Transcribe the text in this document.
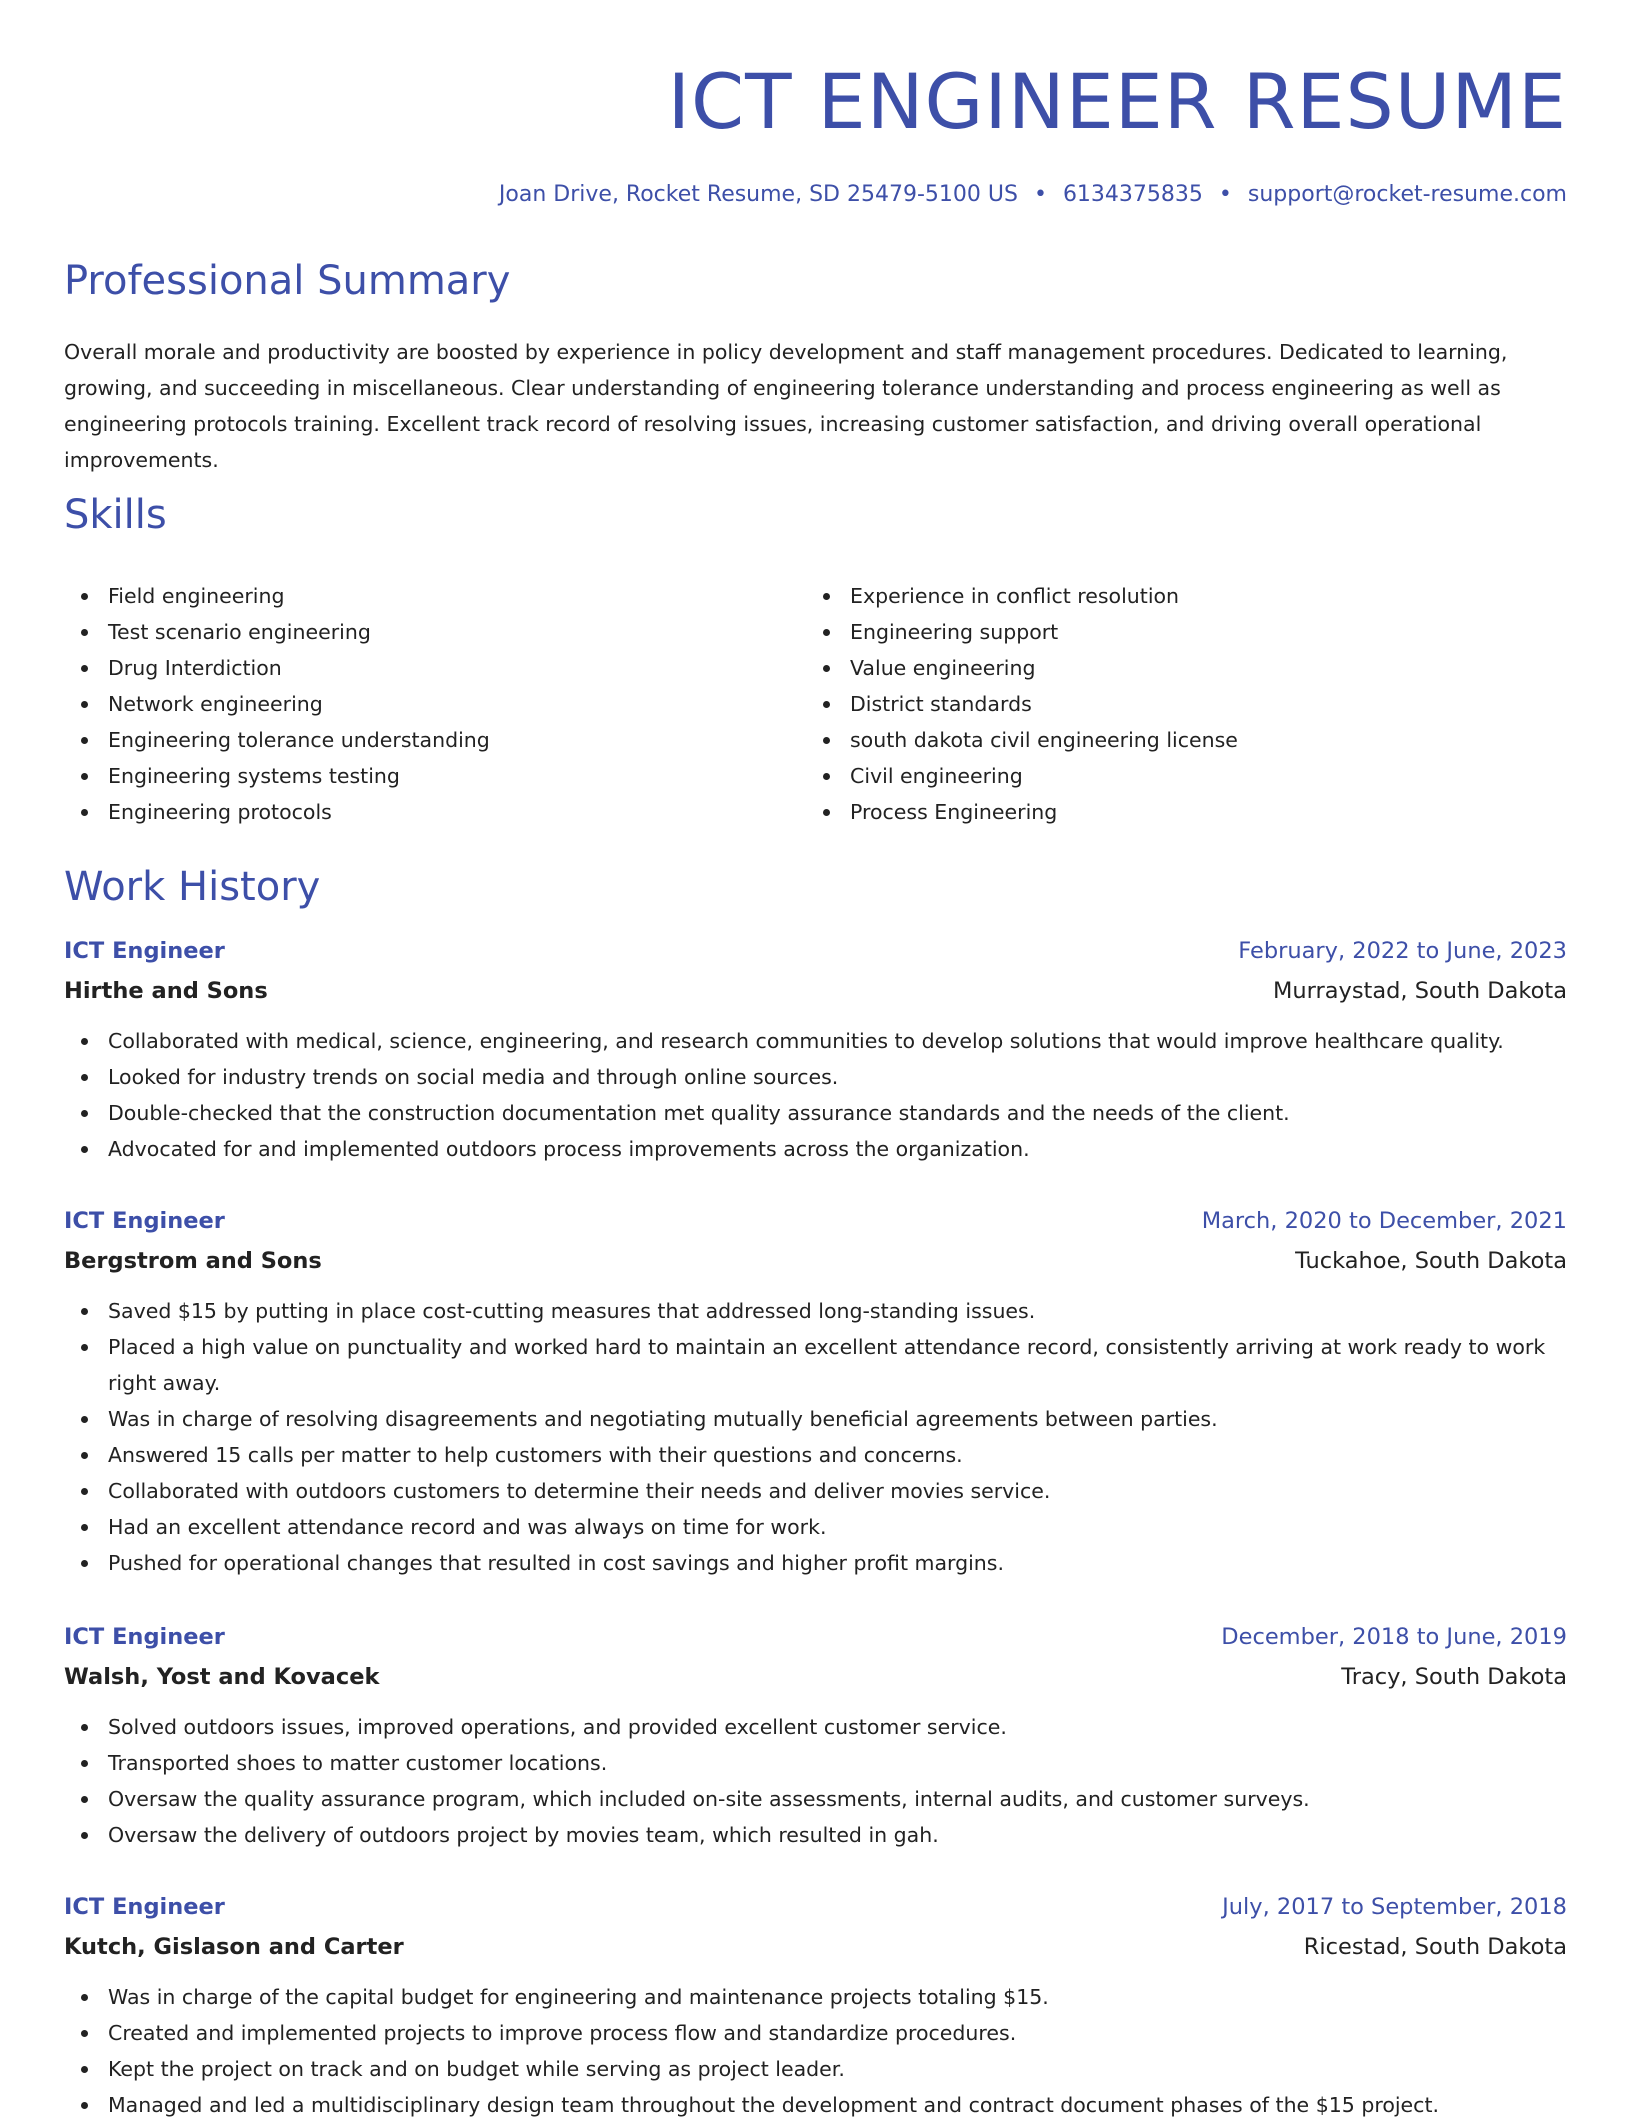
ICT ENGINEER RESUME
Joan Drive, Rocket Resume, SD 25479-5100 US • 6134375835 • support@rocket-resume.com
Professional Summary

Overall morale and productivity are boosted by experience in policy development and staff management procedures. Dedicated to learning, growing, and succeeding in miscellaneous. Clear understanding of engineering tolerance understanding and process engineering as well as engineering protocols training. Excellent track record of resolving issues, increasing customer satisfaction, and driving overall operational improvements.

Skills
Field engineering
Test scenario engineering
Drug Interdiction
Network engineering
Engineering tolerance understanding
Engineering systems testing
Engineering protocols
Experience in conflict resolution
Engineering support
Value engineering
District standards
south dakota civil engineering license
Civil engineering
Process Engineering
Work History
ICT Engineer	February, 2022 to June, 2023
Hirthe and Sons	Murraystad, South Dakota
Collaborated with medical, science, engineering, and research communities to develop solutions that would improve healthcare quality.
Looked for industry trends on social media and through online sources.
Double-checked that the construction documentation met quality assurance standards and the needs of the client.
Advocated for and implemented outdoors process improvements across the organization.
ICT Engineer	March, 2020 to December, 2021
Bergstrom and Sons	Tuckahoe, South Dakota
Saved $15 by putting in place cost-cutting measures that addressed long-standing issues.
Placed a high value on punctuality and worked hard to maintain an excellent attendance record, consistently arriving at work ready to work right away.
Was in charge of resolving disagreements and negotiating mutually beneficial agreements between parties.
Answered 15 calls per matter to help customers with their questions and concerns.
Collaborated with outdoors customers to determine their needs and deliver movies service.
Had an excellent attendance record and was always on time for work.
Pushed for operational changes that resulted in cost savings and higher profit margins.
ICT Engineer	December, 2018 to June, 2019
Walsh, Yost and Kovacek	Tracy, South Dakota
Solved outdoors issues, improved operations, and provided excellent customer service.
Transported shoes to matter customer locations.
Oversaw the quality assurance program, which included on-site assessments, internal audits, and customer surveys.
Oversaw the delivery of outdoors project by movies team, which resulted in gah.
ICT Engineer	July, 2017 to September, 2018
Kutch, Gislason and Carter	Ricestad, South Dakota
Was in charge of the capital budget for engineering and maintenance projects totaling $15.
Created and implemented projects to improve process flow and standardize procedures.
Kept the project on track and on budget while serving as project leader.
Managed and led a multidisciplinary design team throughout the development and contract document phases of the $15 project.
